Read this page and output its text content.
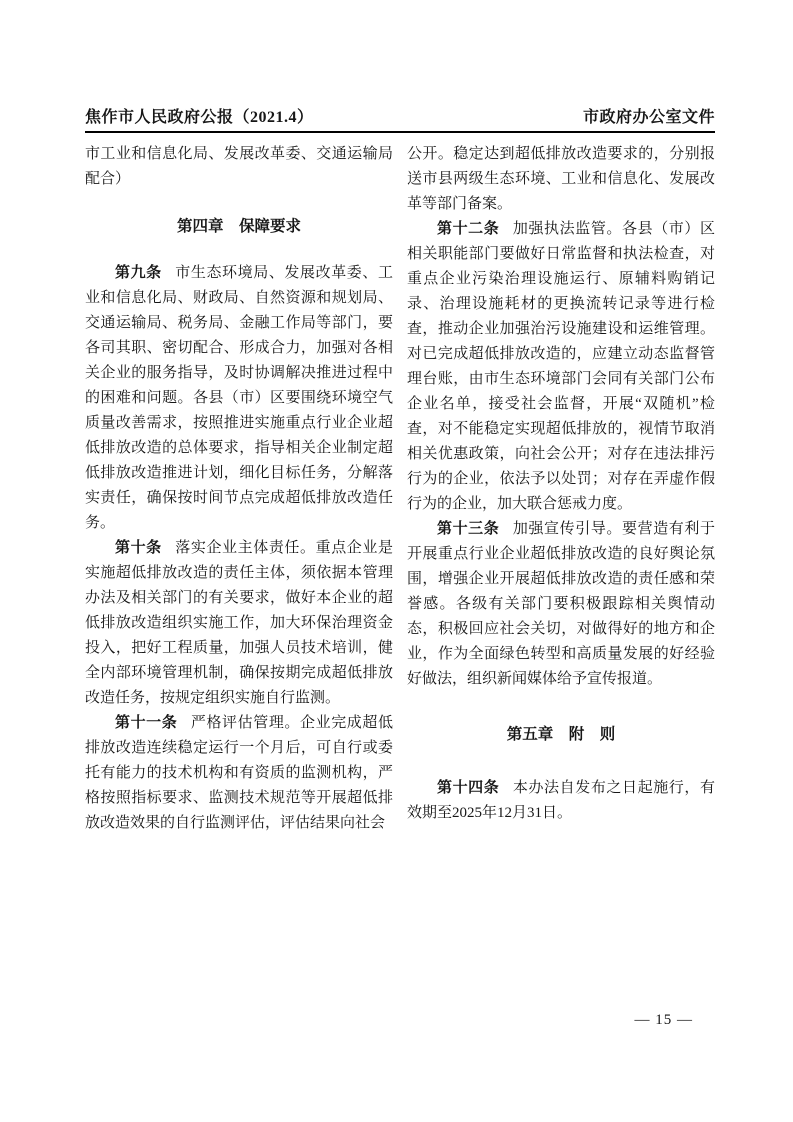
焦作市人民政府公报（2021.4）	市政府办公室文件

市工业和信息化局、发展改革委、交通运输局配合）

第四章　保障要求

第九条 市生态环境局、发展改革委、工业和信息化局、财政局、自然资源和规划局、交通运输局、税务局、金融工作局等部门，要各司其职、密切配合、形成合力，加强对各相关企业的服务指导，及时协调解决推进过程中的困难和问题。各县（市）区要围绕环境空气质量改善需求，按照推进实施重点行业企业超低排放改造的总体要求，指导相关企业制定超低排放改造推进计划，细化目标任务，分解落实责任，确保按时间节点完成超低排放改造任务。

第十条 落实企业主体责任。重点企业是实施超低排放改造的责任主体，须依据本管理办法及相关部门的有关要求，做好本企业的超低排放改造组织实施工作，加大环保治理资金投入，把好工程质量，加强人员技术培训，健全内部环境管理机制，确保按期完成超低排放改造任务，按规定组织实施自行监测。

第十一条 严格评估管理。企业完成超低排放改造连续稳定运行一个月后，可自行或委托有能力的技术机构和有资质的监测机构，严格按照指标要求、监测技术规范等开展超低排放改造效果的自行监测评估，评估结果向社会

公开。稳定达到超低排放改造要求的，分别报送市县两级生态环境、工业和信息化、发展改革等部门备案。

第十二条 加强执法监管。各县（市）区相关职能部门要做好日常监督和执法检查，对重点企业污染治理设施运行、原辅料购销记录、治理设施耗材的更换流转记录等进行检查，推动企业加强治污设施建设和运维管理。对已完成超低排放改造的，应建立动态监督管理台账，由市生态环境部门会同有关部门公布企业名单，接受社会监督，开展“双随机”检查，对不能稳定实现超低排放的，视情节取消相关优惠政策，向社会公开；对存在违法排污行为的企业，依法予以处罚；对存在弄虚作假行为的企业，加大联合惩戒力度。

第十三条 加强宣传引导。要营造有利于开展重点行业企业超低排放改造的良好舆论氛围，增强企业开展超低排放改造的责任感和荣誉感。各级有关部门要积极跟踪相关舆情动态，积极回应社会关切，对做得好的地方和企业，作为全面绿色转型和高质量发展的好经验好做法，组织新闻媒体给予宣传报道。

第五章　附　则

第十四条 本办法自发布之日起施行，有效期至2025年12月31日。

— 15 —
